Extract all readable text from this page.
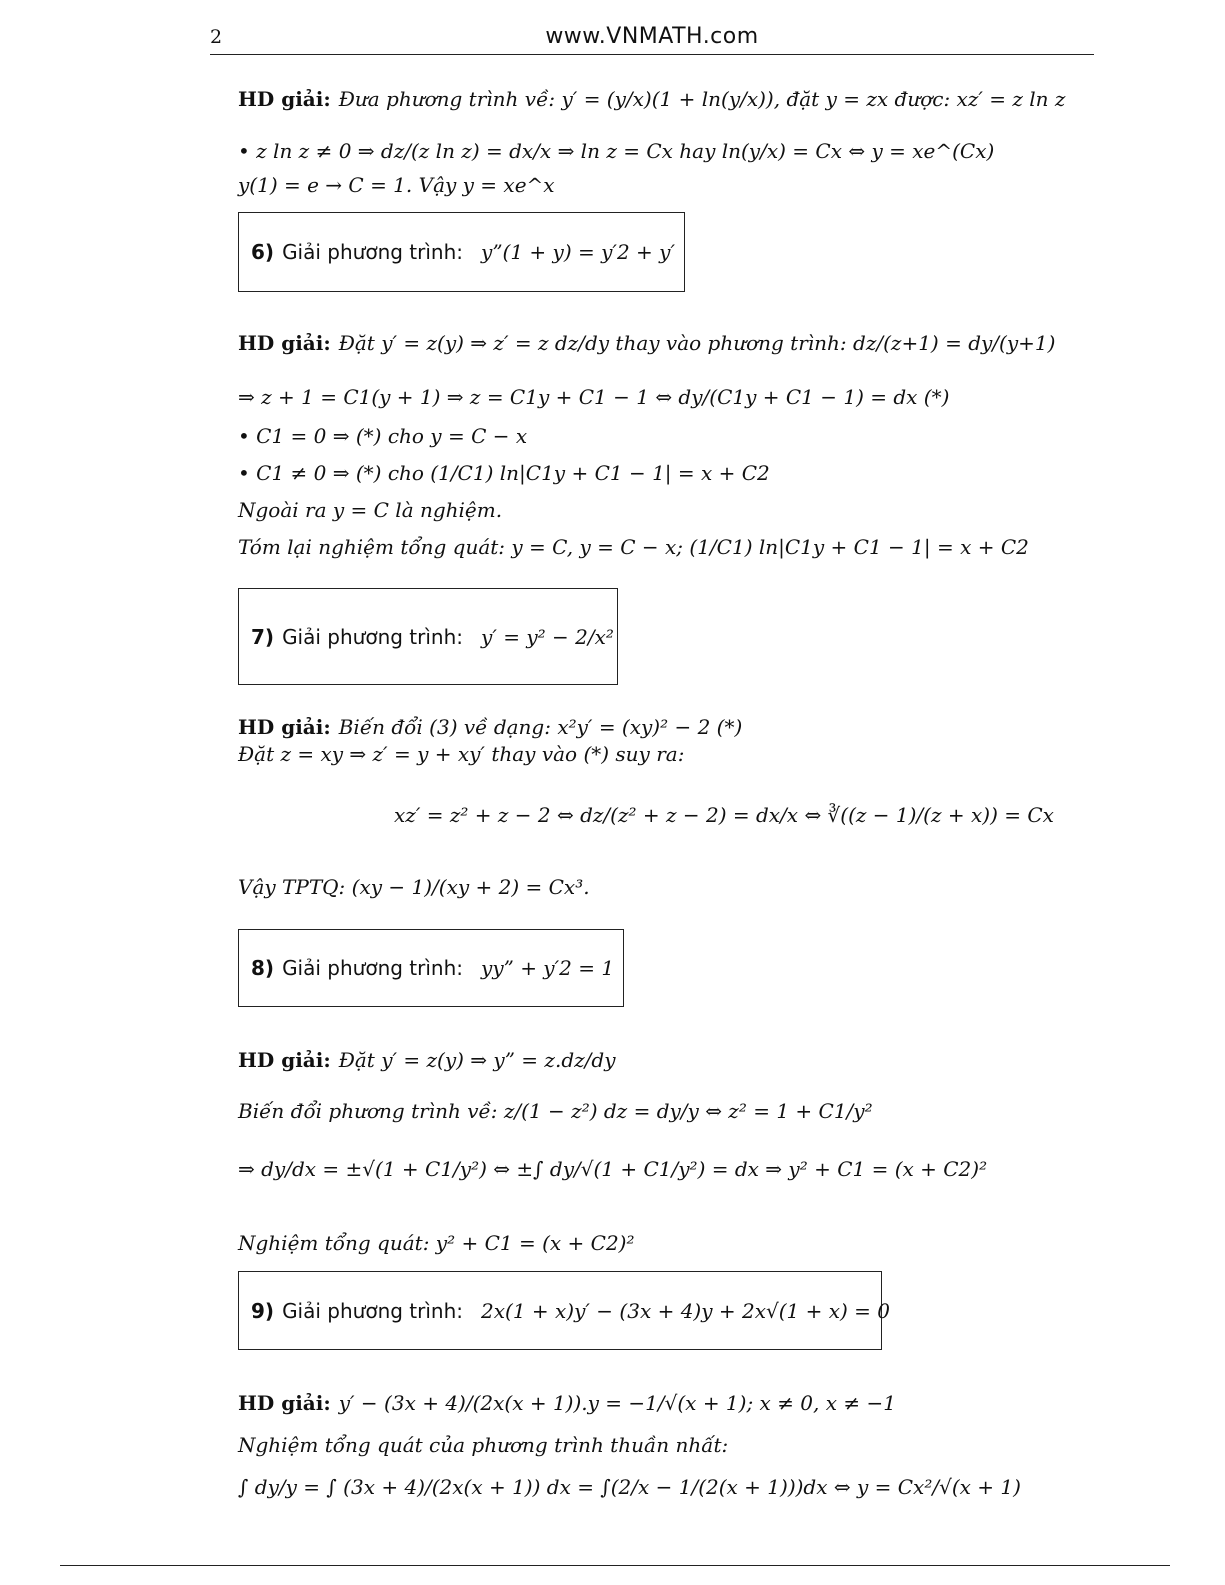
2	www.VNMATH.com
HD giải: Đưa phương trình về: y′ = (y/x)(1 + ln(y/x)), đặt y = zx được: xz′ = z ln z
• z ln z ≠ 0 ⇒ dz/(z ln z) = dx/x ⇒ ln z = Cx hay ln(y/x) = Cx ⇔ y = xe^(Cx)
y(1) = e → C = 1. Vậy y = xe^x
6) Giải phương trình: y”(1 + y) = y′2 + y′
HD giải: Đặt y′ = z(y) ⇒ z′ = z dz/dy thay vào phương trình: dz/(z+1) = dy/(y+1)
⇒ z + 1 = C1(y + 1) ⇒ z = C1y + C1 − 1 ⇔ dy/(C1y + C1 − 1) = dx (*)
• C1 = 0 ⇒ (*) cho y = C − x
• C1 ≠ 0 ⇒ (*) cho (1/C1) ln|C1y + C1 − 1| = x + C2
Ngoài ra y = C là nghiệm.
Tóm lại nghiệm tổng quát: y = C, y = C − x; (1/C1) ln|C1y + C1 − 1| = x + C2
7) Giải phương trình: y′ = y² − 2/x²
HD giải: Biến đổi (3) về dạng: x²y′ = (xy)² − 2 (*)
Đặt z = xy ⇒ z′ = y + xy′ thay vào (*) suy ra:
xz′ = z² + z − 2 ⇔ dz/(z² + z − 2) = dx/x ⇔ ∛((z − 1)/(z + x)) = Cx
Vậy TPTQ: (xy − 1)/(xy + 2) = Cx³.
8) Giải phương trình: yy” + y′2 = 1
HD giải: Đặt y′ = z(y) ⇒ y” = z.dz/dy
Biến đổi phương trình về: z/(1 − z²) dz = dy/y ⇔ z² = 1 + C1/y²
⇒ dy/dx = ±√(1 + C1/y²) ⇔ ±∫ dy/√(1 + C1/y²) = dx ⇒ y² + C1 = (x + C2)²
Nghiệm tổng quát: y² + C1 = (x + C2)²
9) Giải phương trình: 2x(1 + x)y′ − (3x + 4)y + 2x√(1 + x) = 0
HD giải: y′ − (3x + 4)/(2x(x + 1)).y = −1/√(x + 1); x ≠ 0, x ≠ −1
Nghiệm tổng quát của phương trình thuần nhất:
∫ dy/y = ∫ (3x + 4)/(2x(x + 1)) dx = ∫(2/x − 1/(2(x + 1)))dx ⇔ y = Cx²/√(x + 1)
